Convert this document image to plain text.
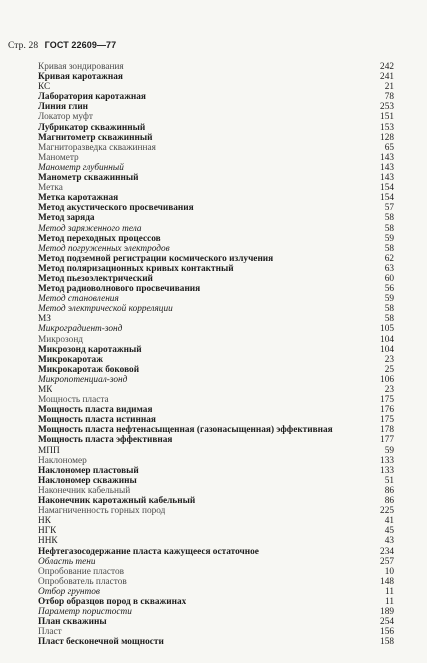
Стр. 28 ГОСТ 22609—77
Кривая зондирования	242
Кривая каротажная	241
КС	21
Лаборатория каротажная	78
Линия глин	253
Локатор муфт	151
Лубрикатор скважинный	153
Магнитометр скважинный	128
Магниторазведка скважинная	65
Манометр	143
Манометр глубинный	143
Манометр скважинный	143
Метка	154
Метка каротажная	154
Метод акустического просвечивания	57
Метод заряда	58
Метод заряженного тела	58
Метод переходных процессов	59
Метод погруженных электродов	58
Метод подземной регистрации космического излучения	62
Метод поляризационных кривых контактный	63
Метод пьезоэлектрический	60
Метод радиоволнового просвечивания	56
Метод становления	59
Метод электрической корреляции	58
МЗ	58
Микроградиент-зонд	105
Микрозонд	104
Микрозонд каротажный	104
Микрокаротаж	23
Микрокаротаж боковой	25
Микропотенциал-зонд	106
МК	23
Мощность пласта	175
Мощность пласта видимая	176
Мощность пласта истинная	175
Мощность пласта нефтенасыщенная (газонасыщенная) эффективная	178
Мощность пласта эффективная	177
МПП	59
Наклономер	133
Наклономер пластовый	133
Наклономер скважины	51
Наконечник кабельный	86
Наконечник каротажный кабельный	86
Намагниченность горных пород	225
НК	41
НГК	45
ННК	43
Нефтегазосодержание пласта кажущееся остаточное	234
Область тени	257
Опробование пластов	10
Опробователь пластов	148
Отбор грунтов	11
Отбор образцов пород в скважинах	11
Параметр пористости	189
План скважины	254
Пласт	156
Пласт бесконечной мощности	158
